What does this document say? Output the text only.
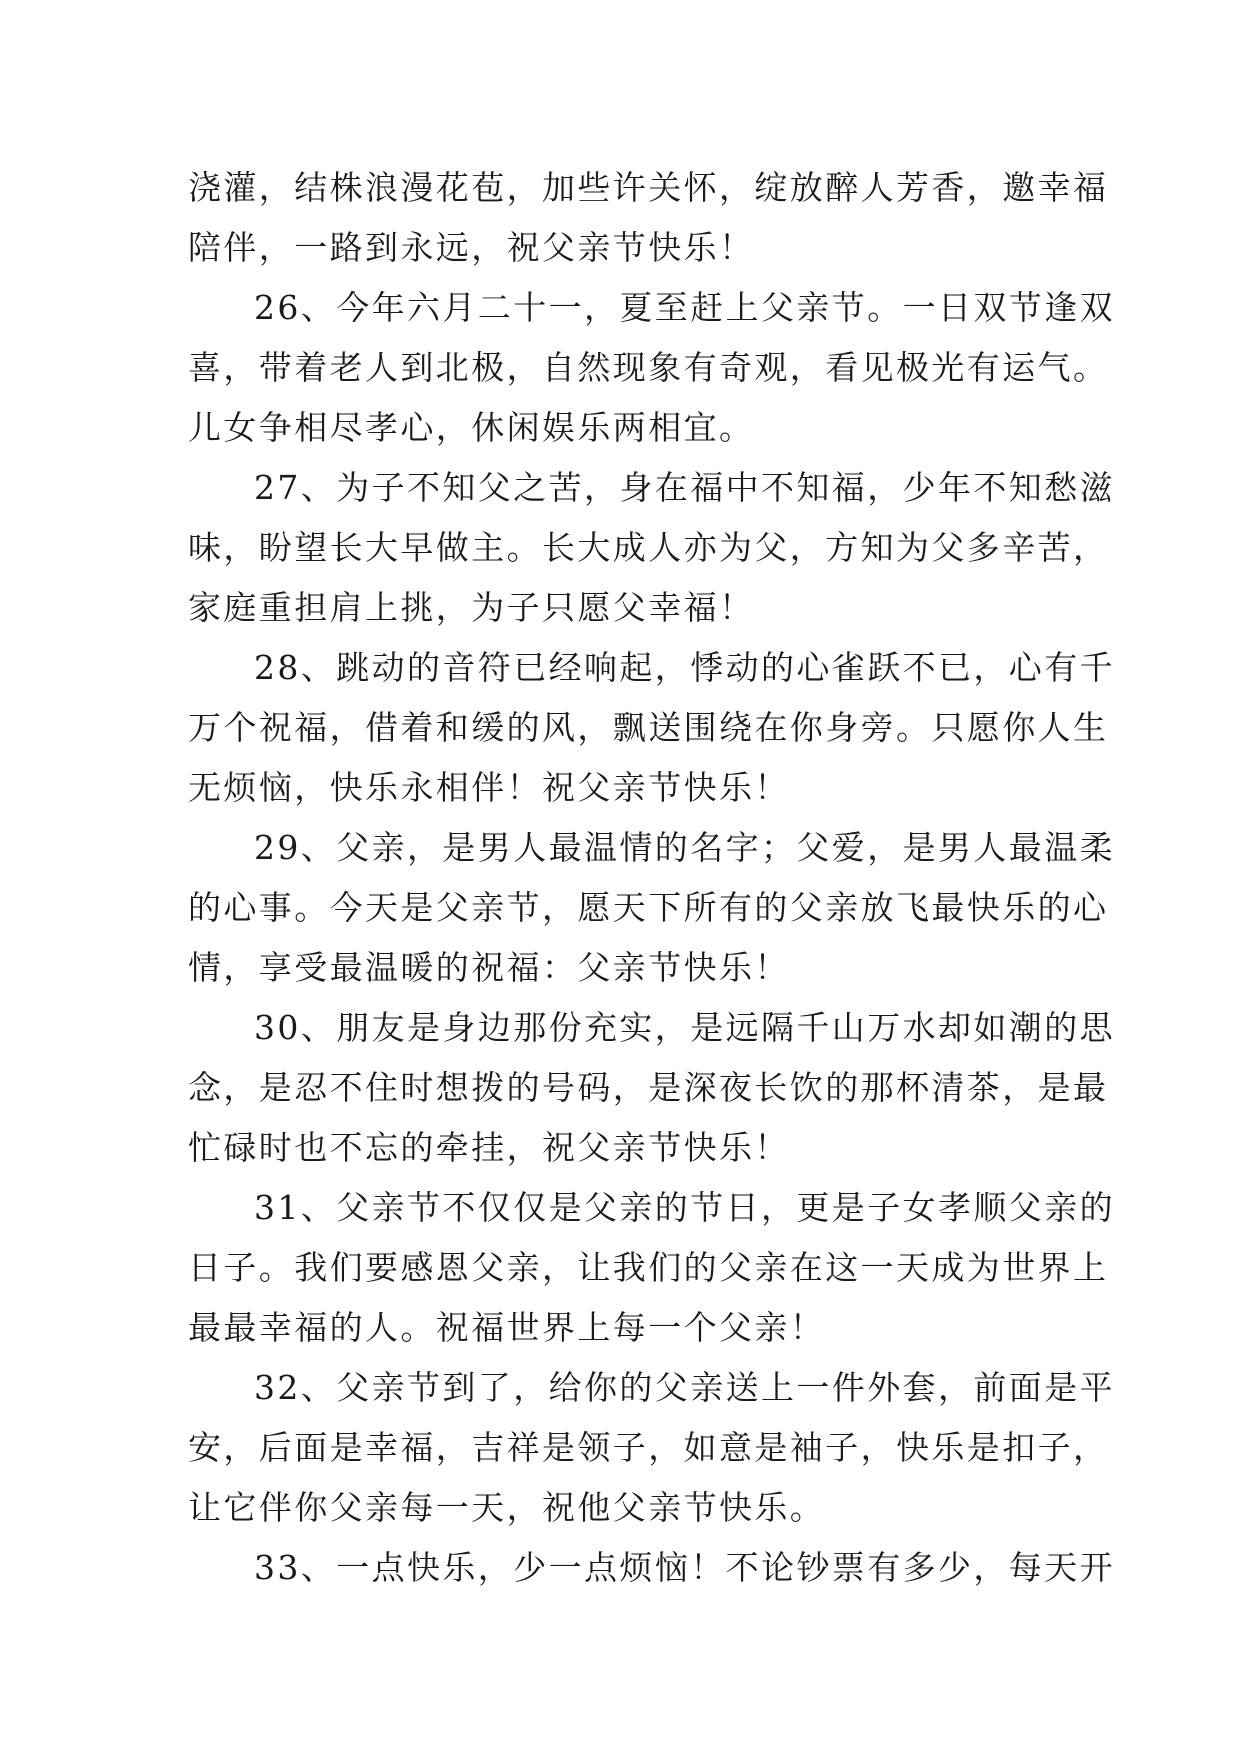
浇灌，结株浪漫花苞，加些许关怀，绽放醉人芳香，邀幸福
陪伴，一路到永远，祝父亲节快乐！
26、今年六月二十一，夏至赶上父亲节。一日双节逢双
喜，带着老人到北极，自然现象有奇观，看见极光有运气。
儿女争相尽孝心，休闲娱乐两相宜。
27、为子不知父之苦，身在福中不知福，少年不知愁滋
味，盼望长大早做主。长大成人亦为父，方知为父多辛苦，
家庭重担肩上挑，为子只愿父幸福！
28、跳动的音符已经响起，悸动的心雀跃不已，心有千
万个祝福，借着和缓的风，飘送围绕在你身旁。只愿你人生
无烦恼，快乐永相伴！祝父亲节快乐！
29、父亲，是男人最温情的名字；父爱，是男人最温柔
的心事。今天是父亲节，愿天下所有的父亲放飞最快乐的心
情，享受最温暖的祝福：父亲节快乐！
30、朋友是身边那份充实，是远隔千山万水却如潮的思
念，是忍不住时想拨的号码，是深夜长饮的那杯清茶，是最
忙碌时也不忘的牵挂，祝父亲节快乐！
31、父亲节不仅仅是父亲的节日，更是子女孝顺父亲的
日子。我们要感恩父亲，让我们的父亲在这一天成为世界上
最最幸福的人。祝福世界上每一个父亲！
32、父亲节到了，给你的父亲送上一件外套，前面是平
安，后面是幸福，吉祥是领子，如意是袖子，快乐是扣子，
让它伴你父亲每一天，祝他父亲节快乐。
33、一点快乐，少一点烦恼！不论钞票有多少，每天开
